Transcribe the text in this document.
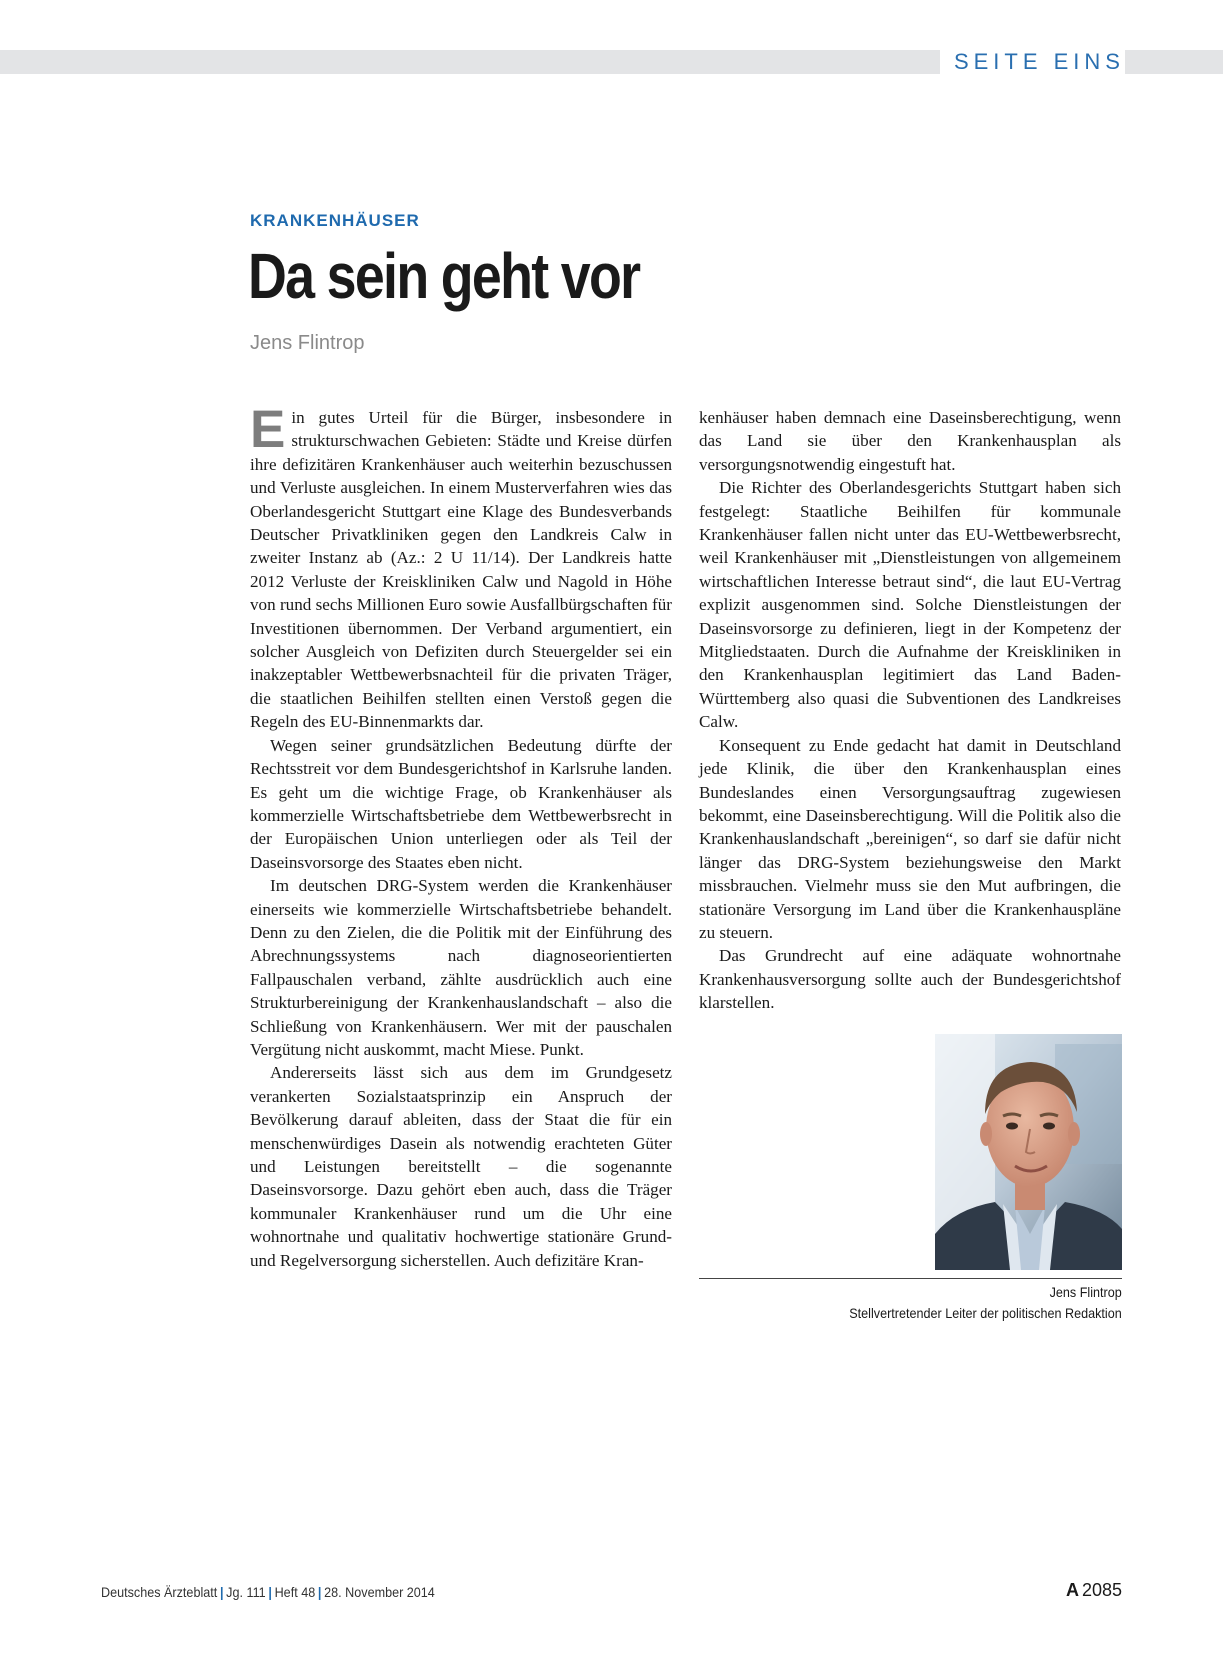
SEITE EINS
KRANKENHÄUSER
Da sein geht vor
Jens Flintrop

Ein gutes Urteil für die Bürger, insbesondere in strukturschwachen Gebieten: Städte und Kreise dürfen ihre defizitären Krankenhäuser auch weiterhin bezuschussen und Verluste ausgleichen. In einem Musterverfahren wies das Oberlandesgericht Stuttgart eine Klage des Bundesverbands Deutscher Privatkliniken gegen den Landkreis Calw in zweiter Instanz ab (Az.: 2 U 11/14). Der Landkreis hatte 2012 Verluste der Kreiskliniken Calw und Nagold in Höhe von rund sechs Millionen Euro sowie Ausfallbürgschaften für Investitionen übernommen. Der Verband argumentiert, ein solcher Ausgleich von Defiziten durch Steuergelder sei ein inakzeptabler Wettbewerbsnachteil für die privaten Träger, die staatlichen Beihilfen stellten einen Verstoß gegen die Regeln des EU-Binnenmarkts dar.

Wegen seiner grundsätzlichen Bedeutung dürfte der Rechtsstreit vor dem Bundesgerichtshof in Karlsruhe landen. Es geht um die wichtige Frage, ob Krankenhäuser als kommerzielle Wirtschaftsbetriebe dem Wettbewerbsrecht in der Europäischen Union unterliegen oder als Teil der Daseinsvorsorge des Staates eben nicht.

Im deutschen DRG-System werden die Krankenhäuser einerseits wie kommerzielle Wirtschaftsbetriebe behandelt. Denn zu den Zielen, die die Politik mit der Einführung des Abrechnungssystems nach diagnoseorientierten Fallpauschalen verband, zählte ausdrücklich auch eine Strukturbereinigung der Krankenhauslandschaft – also die Schließung von Krankenhäusern. Wer mit der pauschalen Vergütung nicht auskommt, macht Miese. Punkt.

Andererseits lässt sich aus dem im Grundgesetz verankerten Sozialstaatsprinzip ein Anspruch der Bevölkerung darauf ableiten, dass der Staat die für ein menschenwürdiges Dasein als notwendig erachteten Güter und Leistungen bereitstellt – die sogenannte Daseinsvorsorge. Dazu gehört eben auch, dass die Träger kommunaler Krankenhäuser rund um die Uhr eine wohnortnahe und qualitativ hochwertige stationäre Grund- und Regelversorgung sicherstellen. Auch defizitäre Kran-

kenhäuser haben demnach eine Daseinsberechtigung, wenn das Land sie über den Krankenhausplan als versorgungsnotwendig eingestuft hat.

Die Richter des Oberlandesgerichts Stuttgart haben sich festgelegt: Staatliche Beihilfen für kommunale Krankenhäuser fallen nicht unter das EU-Wettbewerbsrecht, weil Krankenhäuser mit „Dienstleistungen von allgemeinem wirtschaftlichen Interesse betraut sind“, die laut EU-Vertrag explizit ausgenommen sind. Solche Dienstleistungen der Daseinsvorsorge zu definieren, liegt in der Kompetenz der Mitgliedstaaten. Durch die Aufnahme der Kreiskliniken in den Krankenhausplan legitimiert das Land Baden-Württemberg also quasi die Subventionen des Landkreises Calw.

Konsequent zu Ende gedacht hat damit in Deutschland jede Klinik, die über den Krankenhausplan eines Bundeslandes einen Versorgungsauftrag zugewiesen bekommt, eine Daseinsberechtigung. Will die Politik also die Krankenhauslandschaft „bereinigen“, so darf sie dafür nicht länger das DRG-System beziehungsweise den Markt missbrauchen. Vielmehr muss sie den Mut aufbringen, die stationäre Versorgung im Land über die Krankenhauspläne zu steuern.

Das Grundrecht auf eine adäquate wohnortnahe Krankenhausversorgung sollte auch der Bundesgerichtshof klarstellen.

Jens Flintrop
Stellvertretender Leiter der politischen Redaktion
Deutsches Ärzteblatt | Jg. 111 | Heft 48 | 28. November 2014	A 2085
